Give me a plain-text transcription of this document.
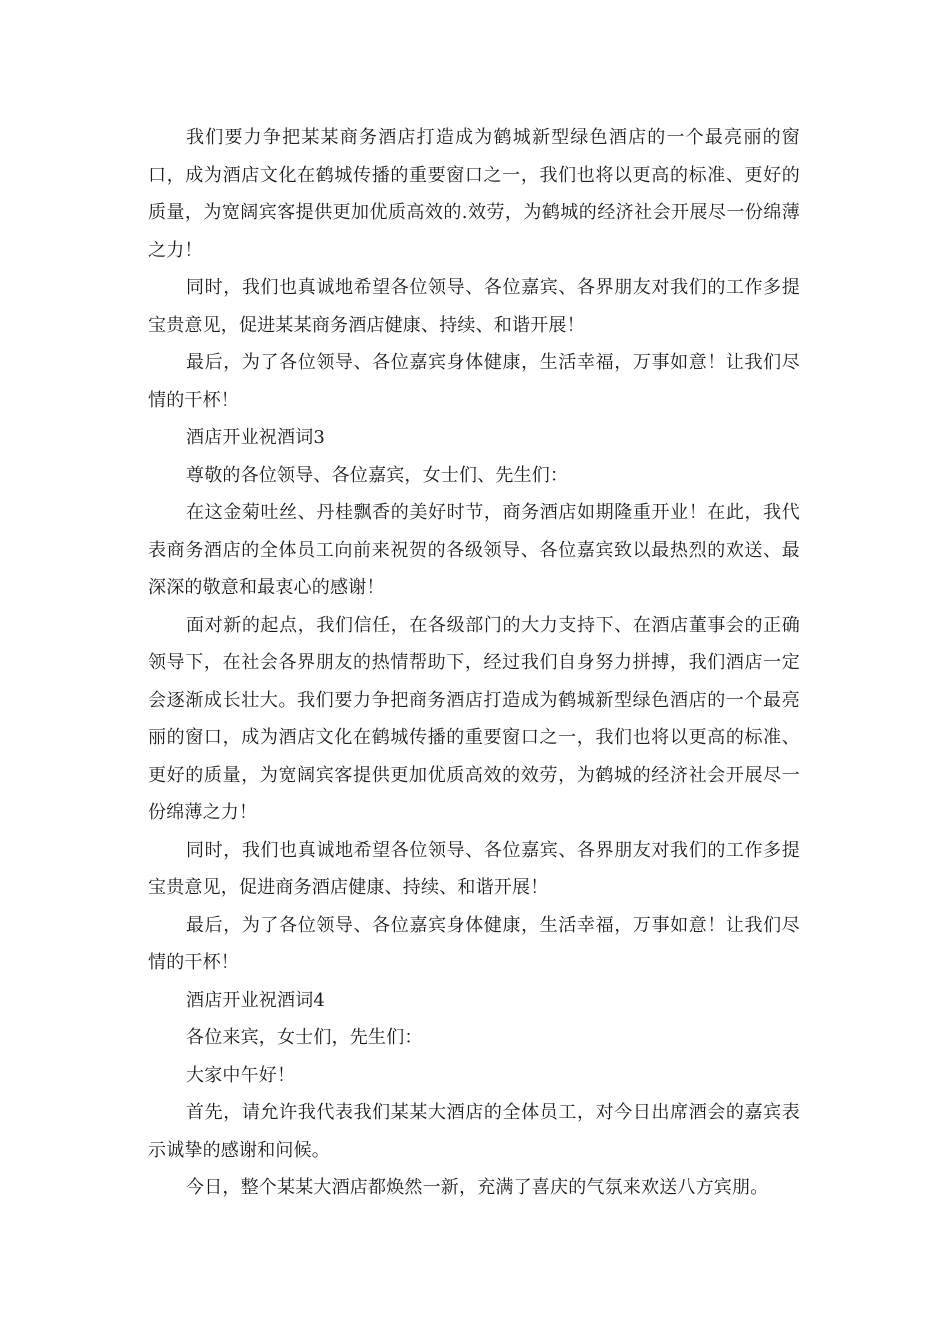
我们要力争把某某商务酒店打造成为鹤城新型绿色酒店的一个最亮丽的窗口，成为酒店文化在鹤城传播的重要窗口之一，我们也将以更高的标准、更好的质量，为宽阔宾客提供更加优质高效的.效劳，为鹤城的经济社会开展尽一份绵薄之力！

同时，我们也真诚地希望各位领导、各位嘉宾、各界朋友对我们的工作多提宝贵意见，促进某某商务酒店健康、持续、和谐开展！

最后，为了各位领导、各位嘉宾身体健康，生活幸福，万事如意！让我们尽情的干杯！

酒店开业祝酒词3

尊敬的各位领导、各位嘉宾，女士们、先生们：

在这金菊吐丝、丹桂飘香的美好时节，商务酒店如期隆重开业！在此，我代表商务酒店的全体员工向前来祝贺的各级领导、各位嘉宾致以最热烈的欢送、最深深的敬意和最衷心的感谢！

面对新的起点，我们信任，在各级部门的大力支持下、在酒店董事会的正确领导下，在社会各界朋友的热情帮助下，经过我们自身努力拼搏，我们酒店一定会逐渐成长壮大。我们要力争把商务酒店打造成为鹤城新型绿色酒店的一个最亮丽的窗口，成为酒店文化在鹤城传播的重要窗口之一，我们也将以更高的标准、更好的质量，为宽阔宾客提供更加优质高效的效劳，为鹤城的经济社会开展尽一份绵薄之力！

同时，我们也真诚地希望各位领导、各位嘉宾、各界朋友对我们的工作多提宝贵意见，促进商务酒店健康、持续、和谐开展！

最后，为了各位领导、各位嘉宾身体健康，生活幸福，万事如意！让我们尽情的干杯！

酒店开业祝酒词4

各位来宾，女士们，先生们：

大家中午好！

首先，请允许我代表我们某某大酒店的全体员工，对今日出席酒会的嘉宾表示诚挚的感谢和问候。

今日，整个某某大酒店都焕然一新，充满了喜庆的气氛来欢送八方宾朋。
